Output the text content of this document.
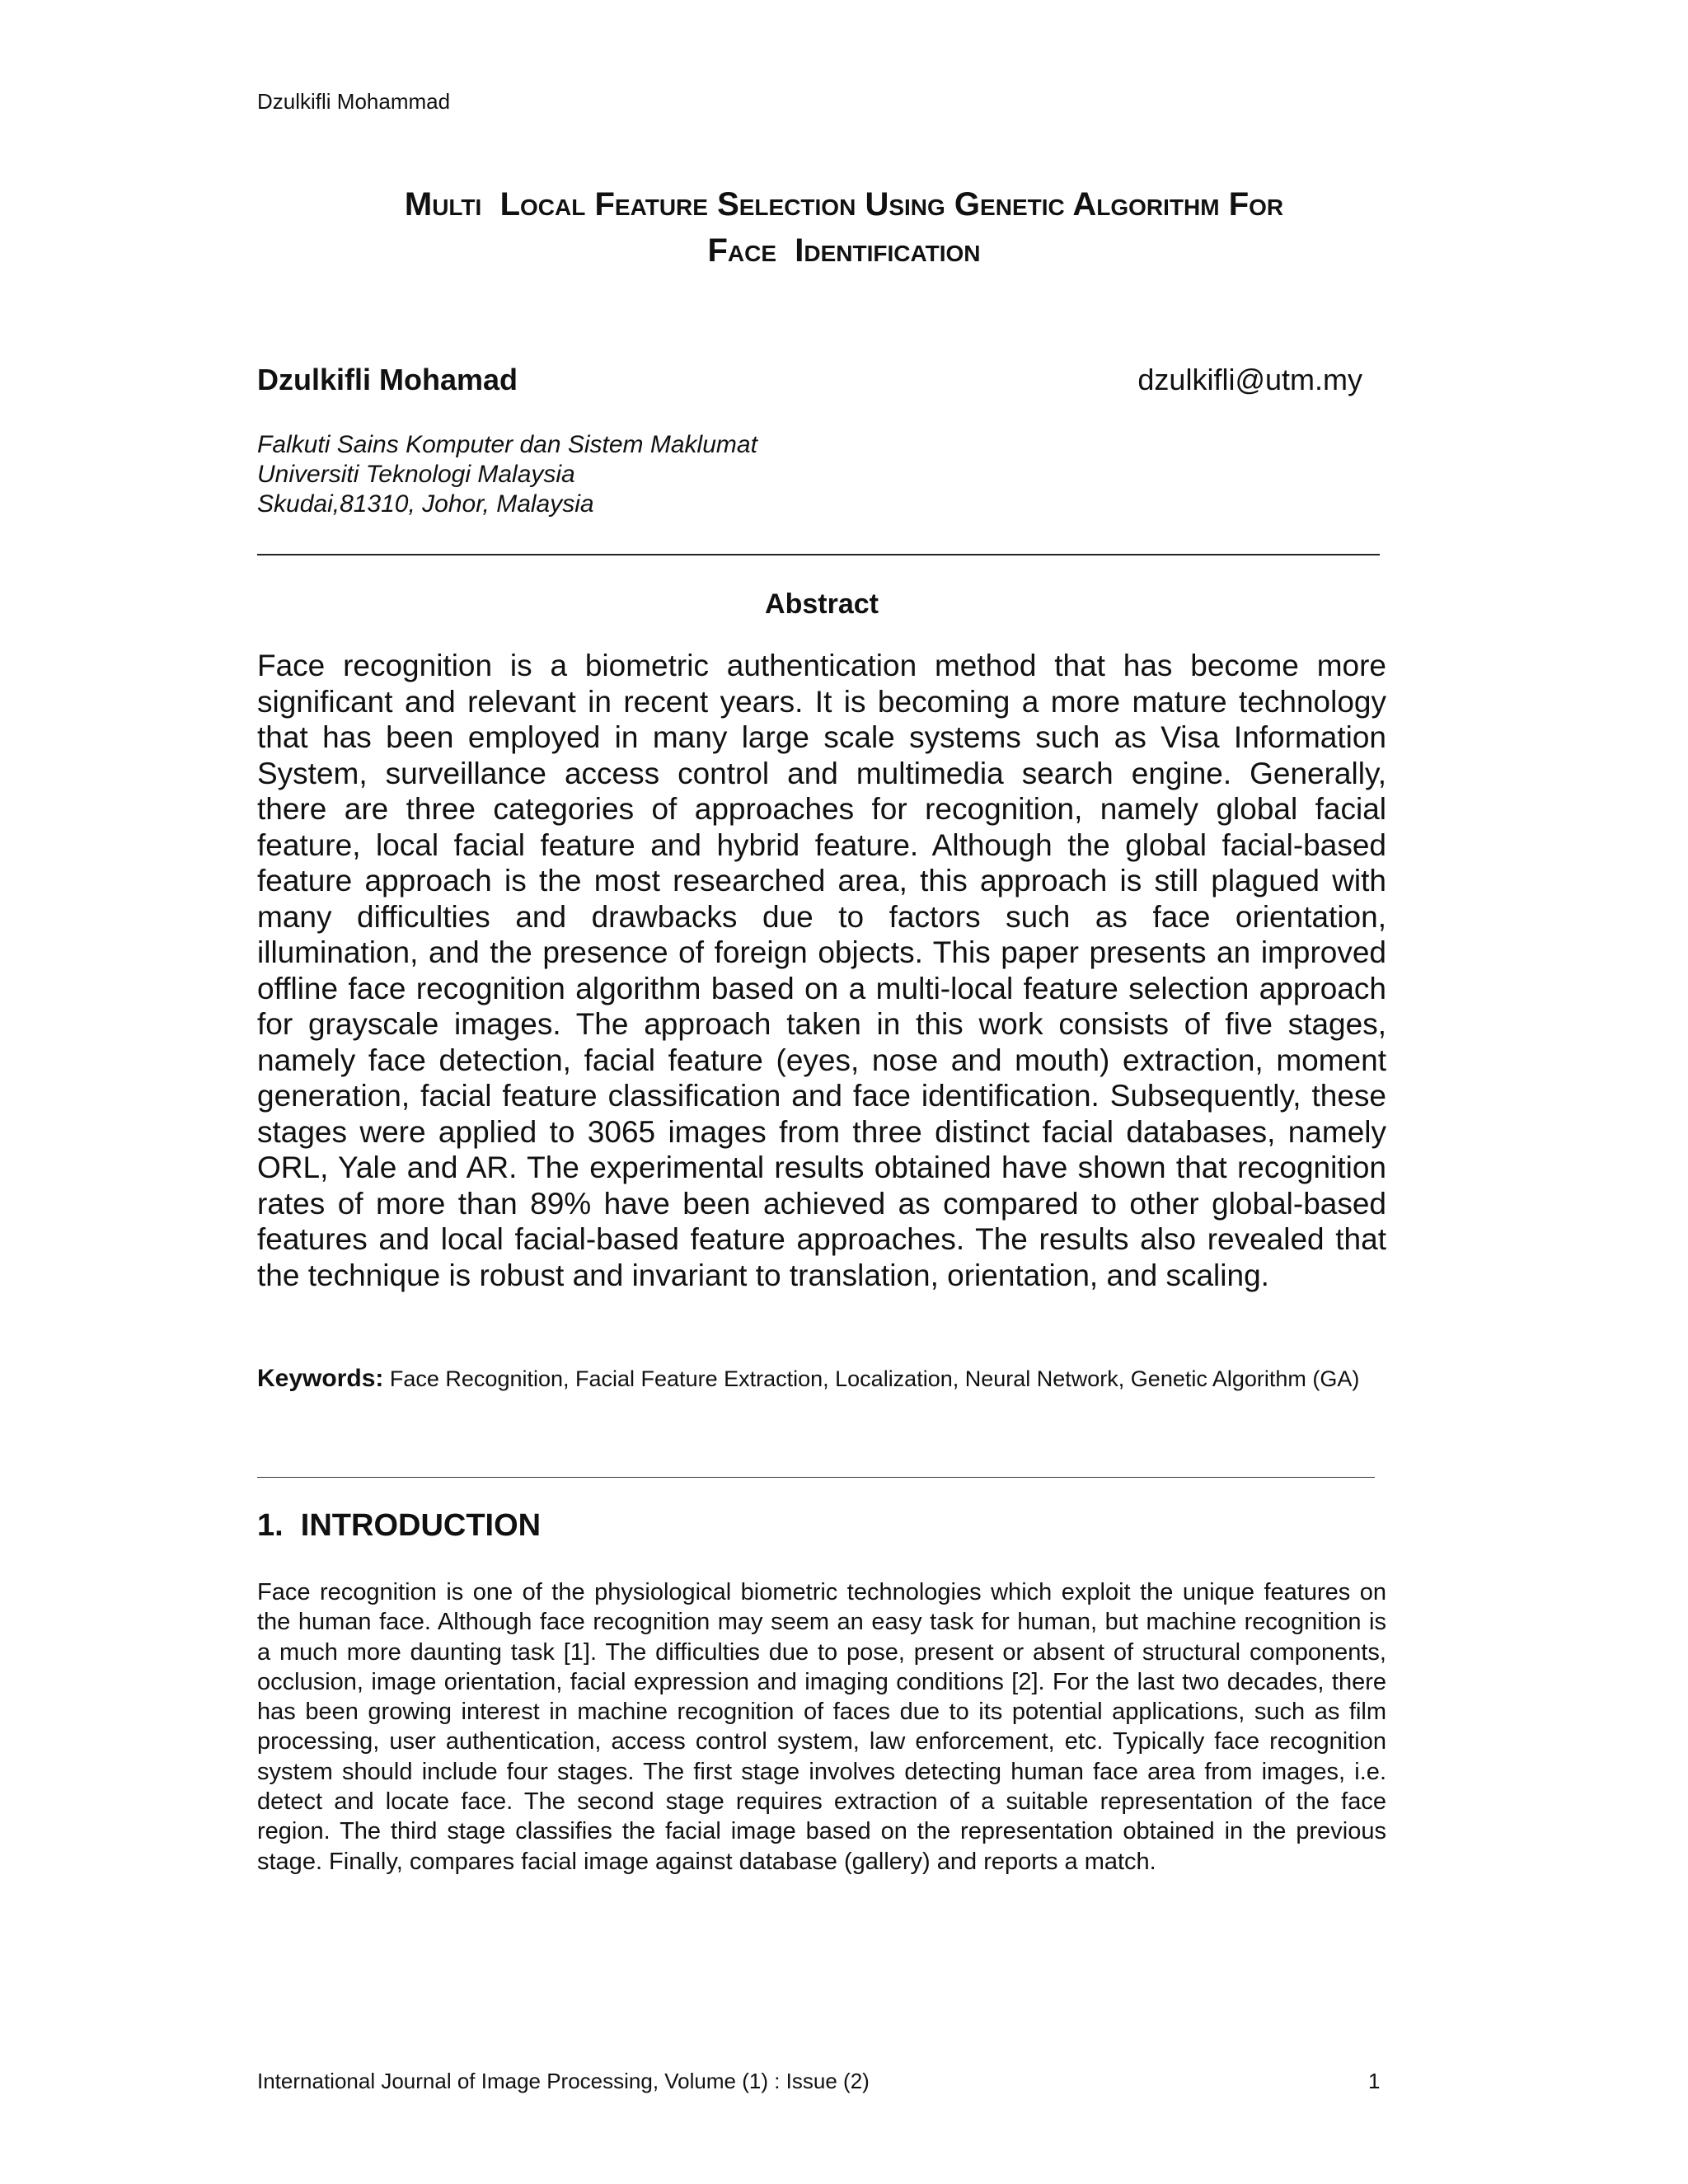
Dzulkifli Mohammad
Multi Local Feature Selection Using Genetic Algorithm For
Face Identification
Dzulkifli Mohamad	dzulkifli@utm.my
Falkuti Sains Komputer dan Sistem Maklumat
Universiti Teknologi Malaysia
Skudai,81310, Johor, Malaysia
Abstract
Face recognition is a biometric authentication method that has become more significant and relevant in recent years. It is becoming a more mature technology that has been employed in many large scale systems such as Visa Information System, surveillance access control and multimedia search engine. Generally, there are three categories of approaches for recognition, namely global facial feature, local facial feature and hybrid feature. Although the global facial-based feature approach is the most researched area, this approach is still plagued with many difficulties and drawbacks due to factors such as face orientation, illumination, and the presence of foreign objects. This paper presents an improved offline face recognition algorithm based on a multi-local feature selection approach for grayscale images. The approach taken in this work consists of five stages, namely face detection, facial feature (eyes, nose and mouth) extraction, moment generation, facial feature classification and face identification. Subsequently, these stages were applied to 3065 images from three distinct facial databases, namely ORL, Yale and AR. The experimental results obtained have shown that recognition rates of more than 89% have been achieved as compared to other global-based features and local facial-based feature approaches. The results also revealed that the technique is robust and invariant to translation, orientation, and scaling.
Keywords: Face Recognition, Facial Feature Extraction, Localization, Neural Network, Genetic Algorithm (GA)
1.  INTRODUCTION
Face recognition is one of the physiological biometric technologies which exploit the unique features on the human face. Although face recognition may seem an easy task for human, but machine recognition is a much more daunting task [1]. The difficulties due to pose, present or absent of structural components, occlusion, image orientation, facial expression and imaging conditions [2]. For the last two decades, there has been growing interest in machine recognition of faces due to its potential applications, such as film processing, user authentication, access control system, law enforcement, etc. Typically face recognition system should include four stages. The first stage involves detecting human face area from images, i.e. detect and locate face. The second stage requires extraction of a suitable representation of the face region. The third stage classifies the facial image based on the representation obtained in the previous stage. Finally, compares facial image against database (gallery) and reports a match.
International Journal of Image Processing, Volume (1) : Issue (2)	1
